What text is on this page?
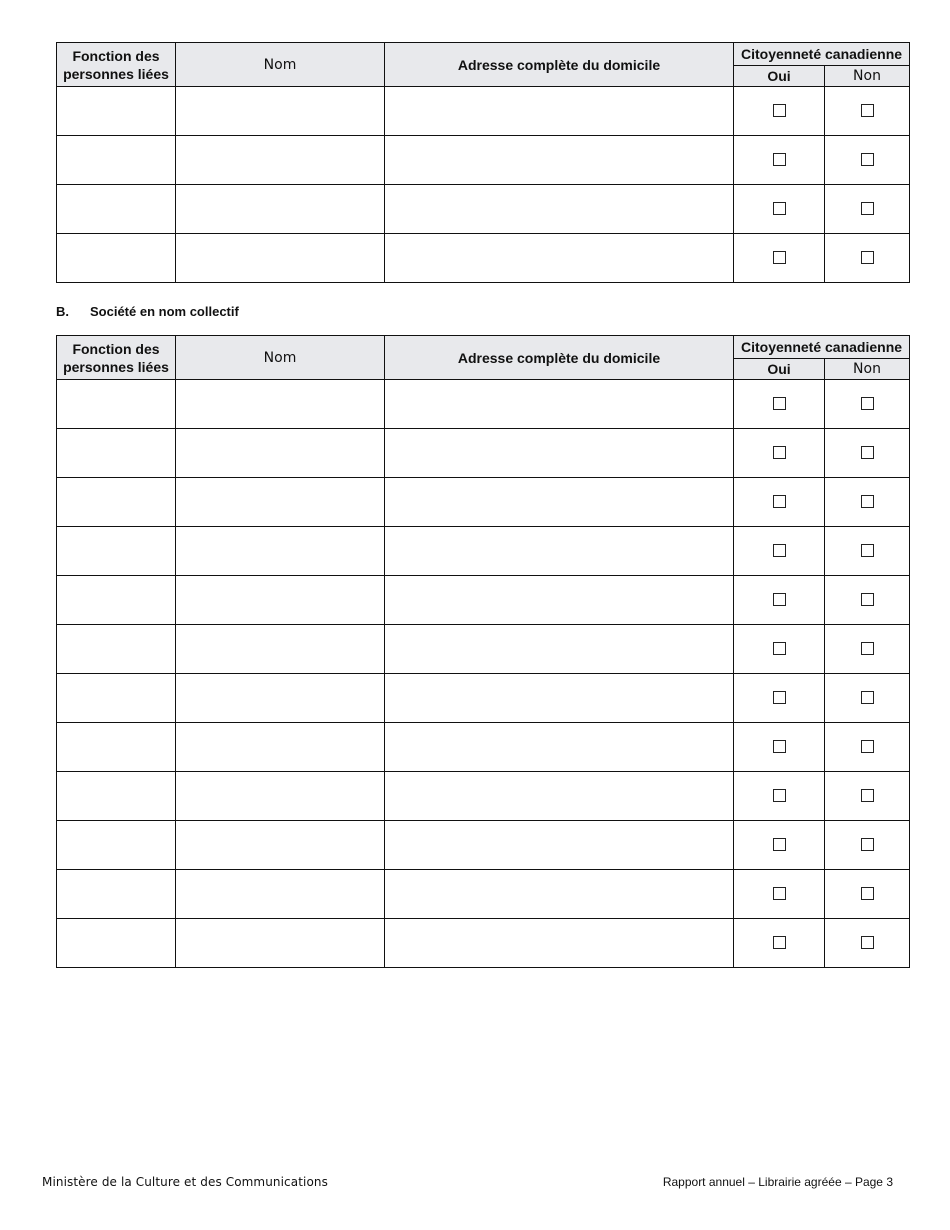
Fonction des personnes liées	Nom	Adresse complète du domicile	Citoyenneté canadienne	
			Oui	Non

B. Société en nom collectif

Fonction des personnes liées	Nom	Adresse complète du domicile	Citoyenneté canadienne	
			Oui	Non

Ministère de la Culture et des Communications	Rapport annuel – Librairie agréée – Page 3
